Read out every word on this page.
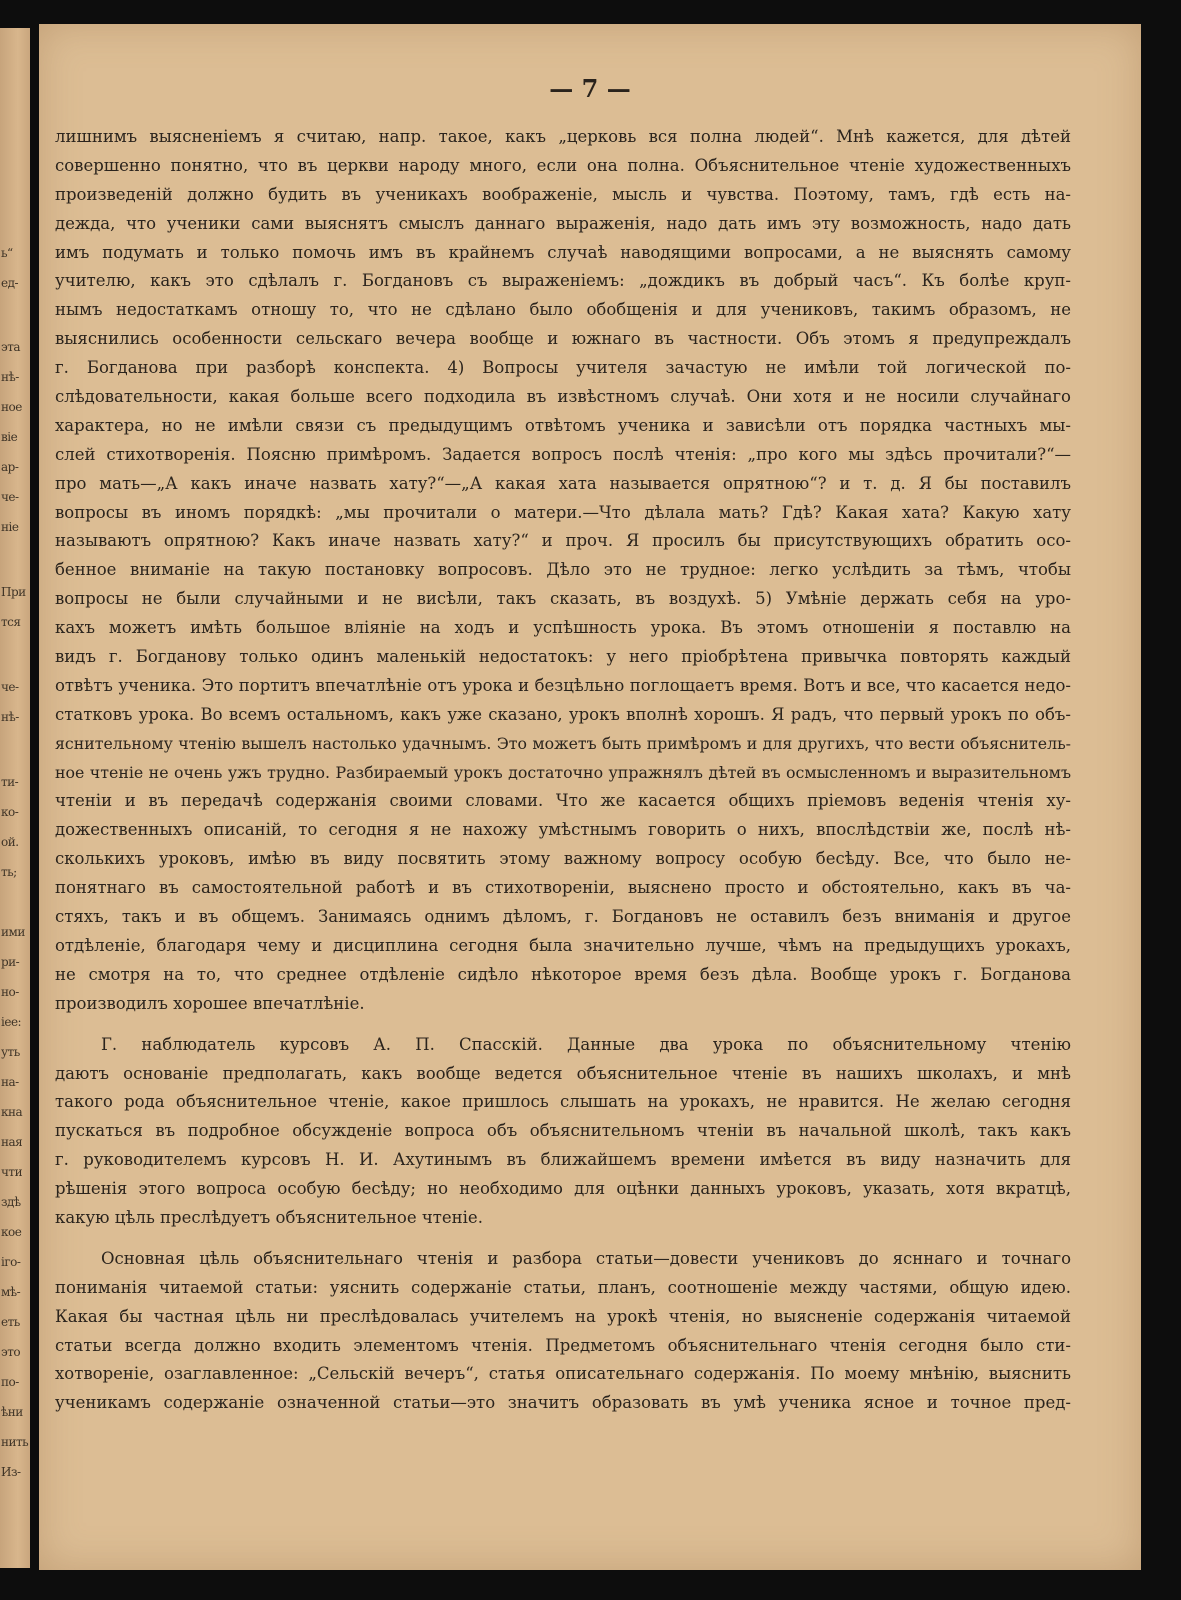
ь“
ед-
эта
нѣ-
ное
віе
ар-
че-
ніе
При
тся
че-
нѣ-
ти-
ко-
ой.
ть;
ими
ри-
но-
іее:
уть
на-
кна
ная
чти
здѣ
кое
іго-
мѣ-
еть
это
по-
ѣни
нить
Из-
— 7 —
лишнимъ выясненіемъ я считаю, напр. такое, какъ „церковь вся полна людей“. Мнѣ кажется, для дѣтей
совершенно понятно, что въ церкви народу много, если она полна. Объяснительное чтеніе художественныхъ
произведеній должно будить въ ученикахъ воображеніе, мысль и чувства. Поэтому, тамъ, гдѣ есть на-
дежда, что ученики сами выяснятъ смыслъ даннаго выраженія, надо дать имъ эту возможность, надо дать
имъ подумать и только помочь имъ въ крайнемъ случаѣ наводящими вопросами, а не выяснять самому
учителю, какъ это сдѣлалъ г. Богдановъ съ выраженіемъ: „дождикъ въ добрый часъ“. Къ болѣе круп-
нымъ недостаткамъ отношу то, что не сдѣлано было обобщенія и для учениковъ, такимъ образомъ, не
выяснились особенности сельскаго вечера вообще и южнаго въ частности. Объ этомъ я предупреждалъ
г. Богданова при разборѣ конспекта. 4) Вопросы учителя зачастую не имѣли той логической по-
слѣдовательности, какая больше всего подходила въ извѣстномъ случаѣ. Они хотя и не носили случайнаго
характера, но не имѣли связи съ предыдущимъ отвѣтомъ ученика и зависѣли отъ порядка частныхъ мы-
слей стихотворенія. Поясню примѣромъ. Задается вопросъ послѣ чтенія: „про кого мы здѣсь прочитали?“—
про мать—„А какъ иначе назвать хату?“—„А какая хата называется опрятною“? и т. д. Я бы поставилъ
вопросы въ иномъ порядкѣ: „мы прочитали о матери.—Что дѣлала мать? Гдѣ? Какая хата? Какую хату
называютъ опрятною? Какъ иначе назвать хату?“ и проч. Я просилъ бы присутствующихъ обратить осо-
бенное вниманіе на такую постановку вопросовъ. Дѣло это не трудное: легко услѣдить за тѣмъ, чтобы
вопросы не были случайными и не висѣли, такъ сказать, въ воздухѣ. 5) Умѣніе держать себя на уро-
кахъ можетъ имѣть большое вліяніе на ходъ и успѣшность урока. Въ этомъ отношеніи я поставлю на
видъ г. Богданову только одинъ маленькій недостатокъ: у него пріобрѣтена привычка повторять каждый
отвѣтъ ученика. Это портитъ впечатлѣніе отъ урока и безцѣльно поглощаетъ время. Вотъ и все, что касается недо-
статковъ урока. Во всемъ остальномъ, какъ уже сказано, урокъ вполнѣ хорошъ. Я радъ, что первый урокъ по объ-
яснительному чтенію вышелъ настолько удачнымъ. Это можетъ быть примѣромъ и для другихъ, что вести объяснитель-
ное чтеніе не очень ужъ трудно. Разбираемый урокъ достаточно упражнялъ дѣтей въ осмысленномъ и выразительномъ
чтеніи и въ передачѣ содержанія своими словами. Что же касается общихъ пріемовъ веденія чтенія ху-
дожественныхъ описаній, то сегодня я не нахожу умѣстнымъ говорить о нихъ, впослѣдствіи же, послѣ нѣ-
сколькихъ уроковъ, имѣю въ виду посвятить этому важному вопросу особую бесѣду. Все, что было не-
понятнаго въ самостоятельной работѣ и въ стихотвореніи, выяснено просто и обстоятельно, какъ въ ча-
стяхъ, такъ и въ общемъ. Занимаясь однимъ дѣломъ, г. Богдановъ не оставилъ безъ вниманія и другое
отдѣленіе, благодаря чему и дисциплина сегодня была значительно лучше, чѣмъ на предыдущихъ урокахъ,
не смотря на то, что среднее отдѣленіе сидѣло нѣкоторое время безъ дѣла. Вообще урокъ г. Богданова
производилъ хорошее впечатлѣніе.
Г. наблюдатель курсовъ А. П. Спасскій. Данные два урока по объяснительному чтенію
даютъ основаніе предполагать, какъ вообще ведется объяснительное чтеніе въ нашихъ школахъ, и мнѣ
такого рода объяснительное чтеніе, какое пришлось слышать на урокахъ, не нравится. Не желаю сегодня
пускаться въ подробное обсужденіе вопроса объ объяснительномъ чтеніи въ начальной школѣ, такъ какъ
г. руководителемъ курсовъ Н. И. Ахутинымъ въ ближайшемъ времени имѣется въ виду назначить для
рѣшенія этого вопроса особую бесѣду; но необходимо для оцѣнки данныхъ уроковъ, указать, хотя вкратцѣ,
какую цѣль преслѣдуетъ объяснительное чтеніе.
Основная цѣль объяснительнаго чтенія и разбора статьи—довести учениковъ до ясннаго и точнаго
пониманія читаемой статьи: уяснить содержаніе статьи, планъ, соотношеніе между частями, общую идею.
Какая бы частная цѣль ни преслѣдовалась учителемъ на урокѣ чтенія, но выясненіе содержанія читаемой
статьи всегда должно входить элементомъ чтенія. Предметомъ объяснительнаго чтенія сегодня было сти-
хотвореніе, озаглавленное: „Сельскій вечеръ“, статья описательнаго содержанія. По моему мнѣнію, выяснить
ученикамъ содержаніе означенной статьи—это значитъ образовать въ умѣ ученика ясное и точное пред-
